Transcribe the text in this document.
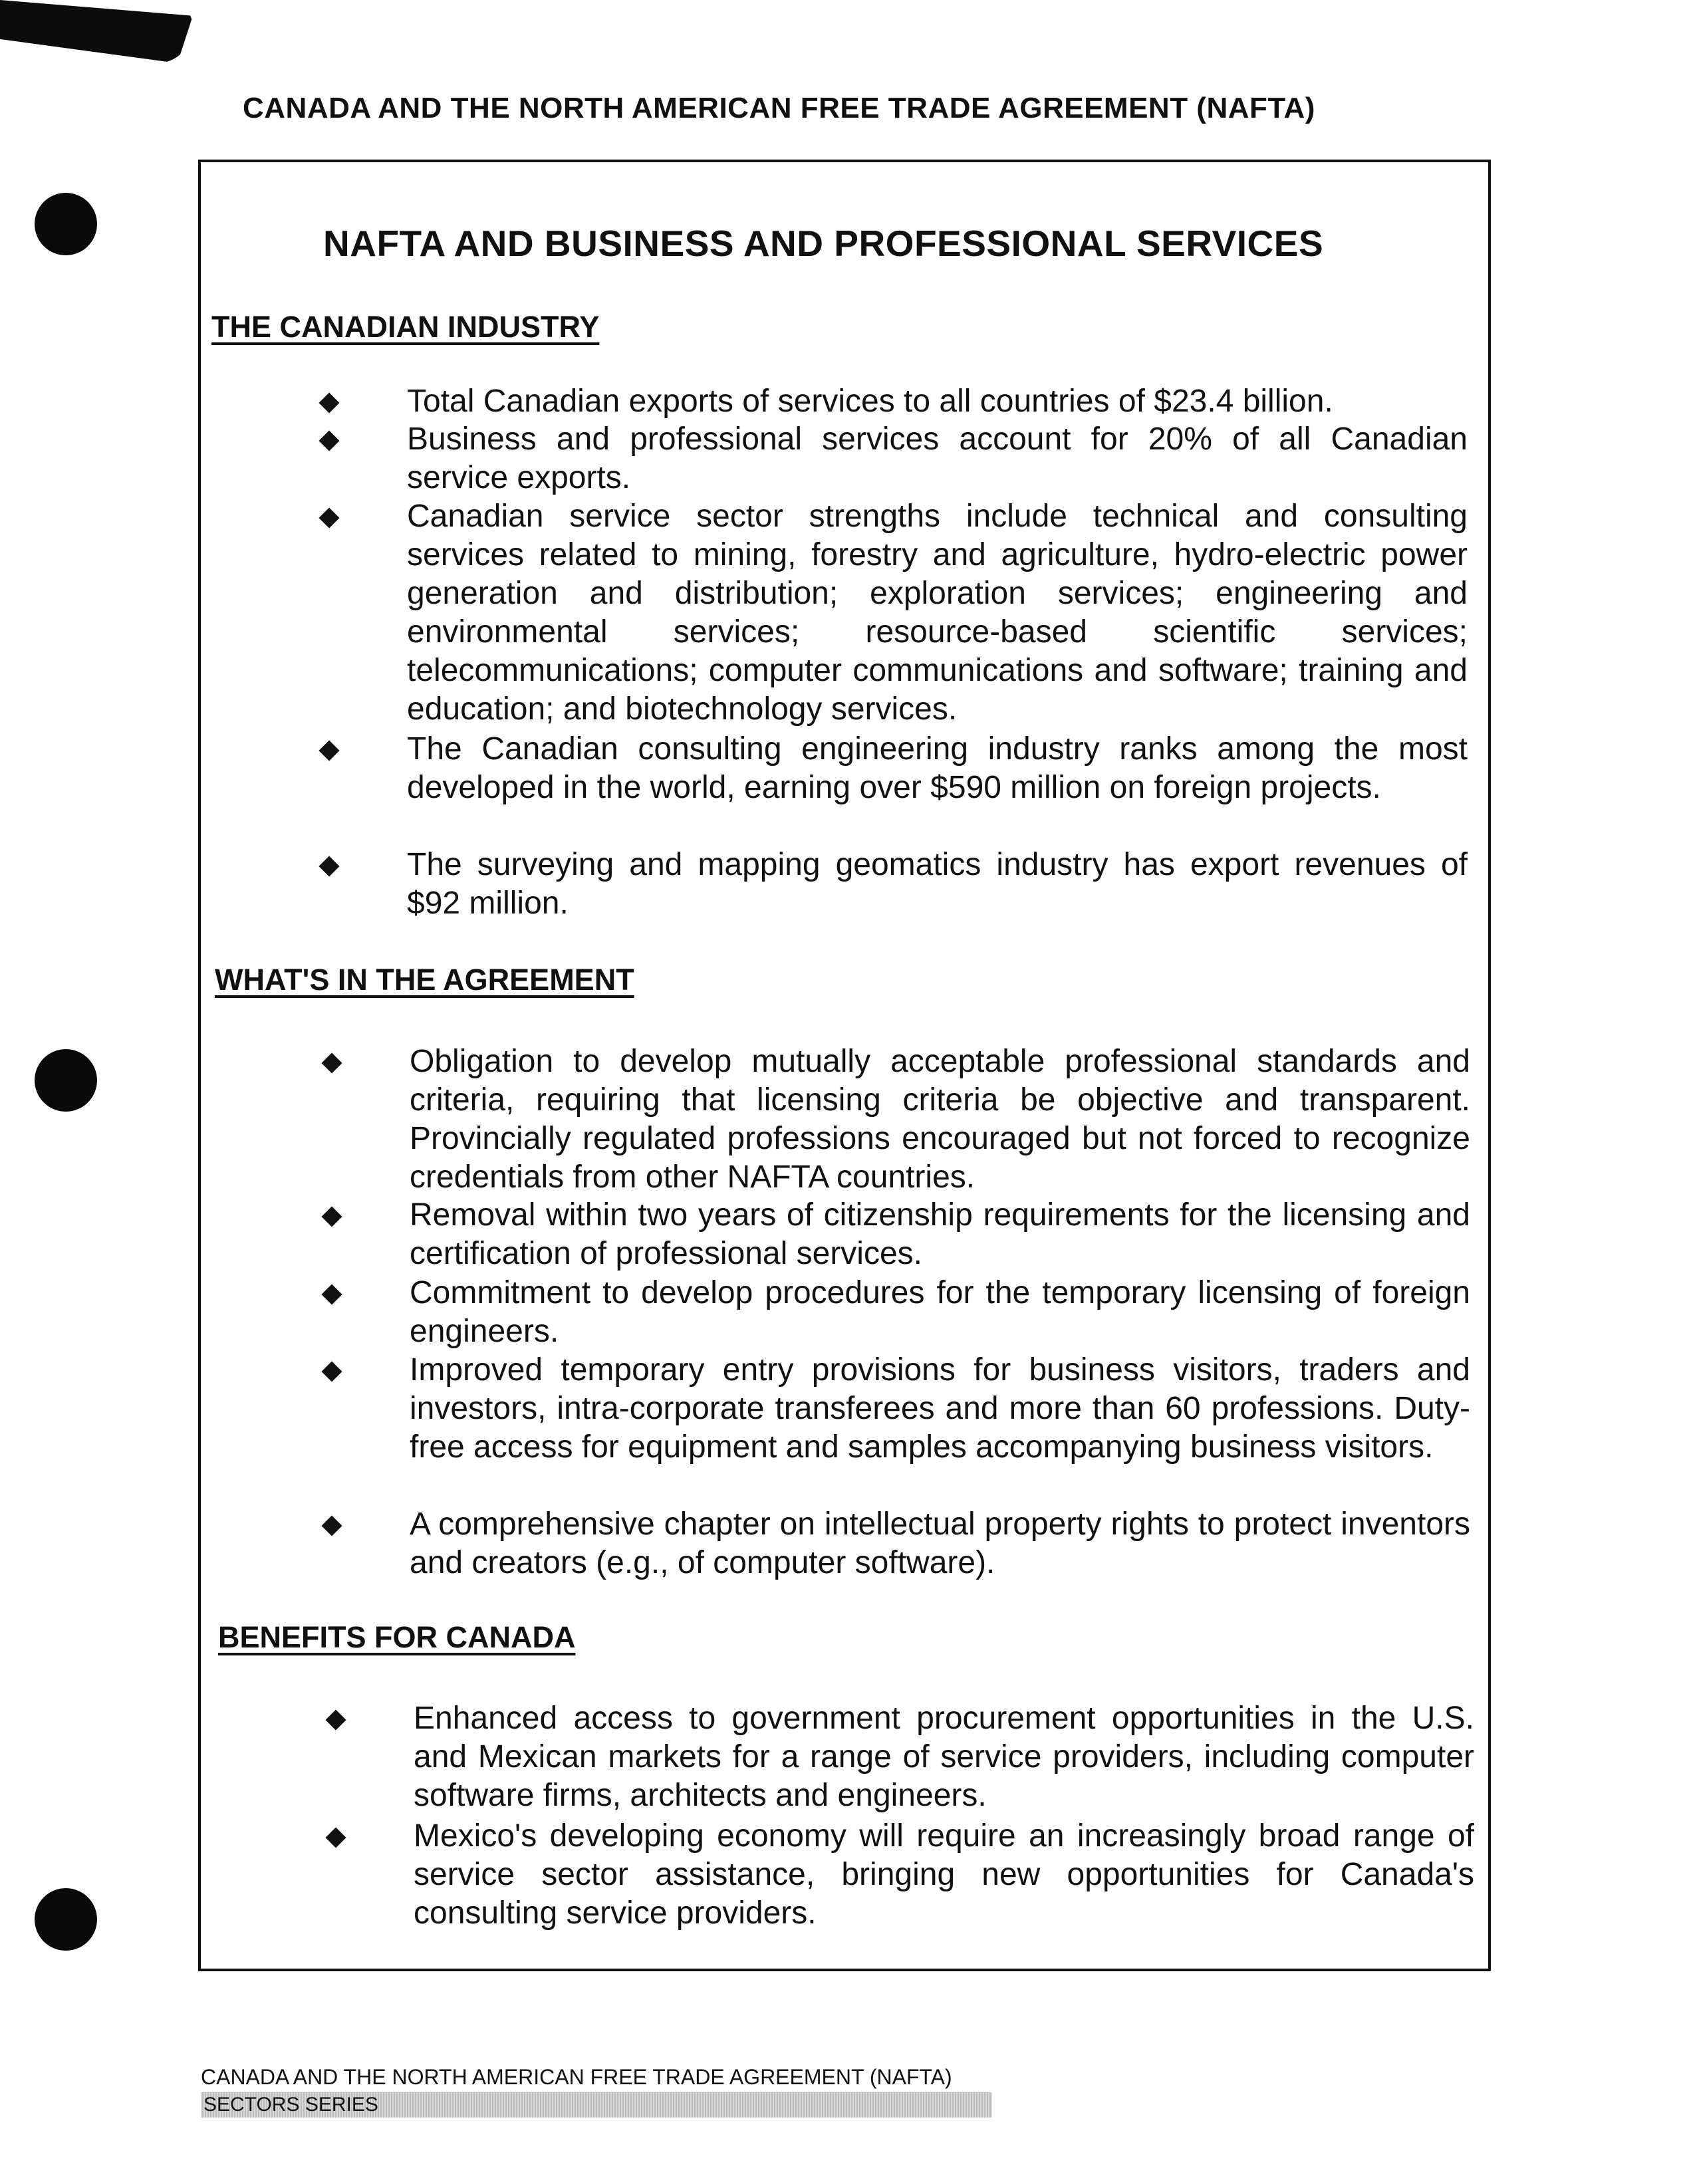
CANADA AND THE NORTH AMERICAN FREE TRADE AGREEMENT (NAFTA)
NAFTA AND BUSINESS AND PROFESSIONAL SERVICES
THE CANADIAN INDUSTRY
Total Canadian exports of services to all countries of $23.4 billion.
Business and professional services account for 20% of all Canadian service exports.
Canadian service sector strengths include technical and consulting services related to mining, forestry and agriculture, hydro-electric power generation and distribution; exploration services; engineering and environmental services; resource-based scientific services; telecommunications; computer communications and software; training and education; and biotechnology services.
The Canadian consulting engineering industry ranks among the most developed in the world, earning over $590 million on foreign projects.
The surveying and mapping geomatics industry has export revenues of $92 million.
WHAT'S IN THE AGREEMENT
Obligation to develop mutually acceptable professional standards and criteria, requiring that licensing criteria be objective and transparent. Provincially regulated professions encouraged but not forced to recognize credentials from other NAFTA countries.
Removal within two years of citizenship requirements for the licensing and certification of professional services.
Commitment to develop procedures for the temporary licensing of foreign engineers.
Improved temporary entry provisions for business visitors, traders and investors, intra-corporate transferees and more than 60 professions. Duty-free access for equipment and samples accompanying business visitors.
A comprehensive chapter on intellectual property rights to protect inventors and creators (e.g., of computer software).
BENEFITS FOR CANADA
Enhanced access to government procurement opportunities in the U.S. and Mexican markets for a range of service providers, including computer software firms, architects and engineers.
Mexico's developing economy will require an increasingly broad range of service sector assistance, bringing new opportunities for Canada's consulting service providers.
CANADA AND THE NORTH AMERICAN FREE TRADE AGREEMENT (NAFTA)
SECTORS SERIES
